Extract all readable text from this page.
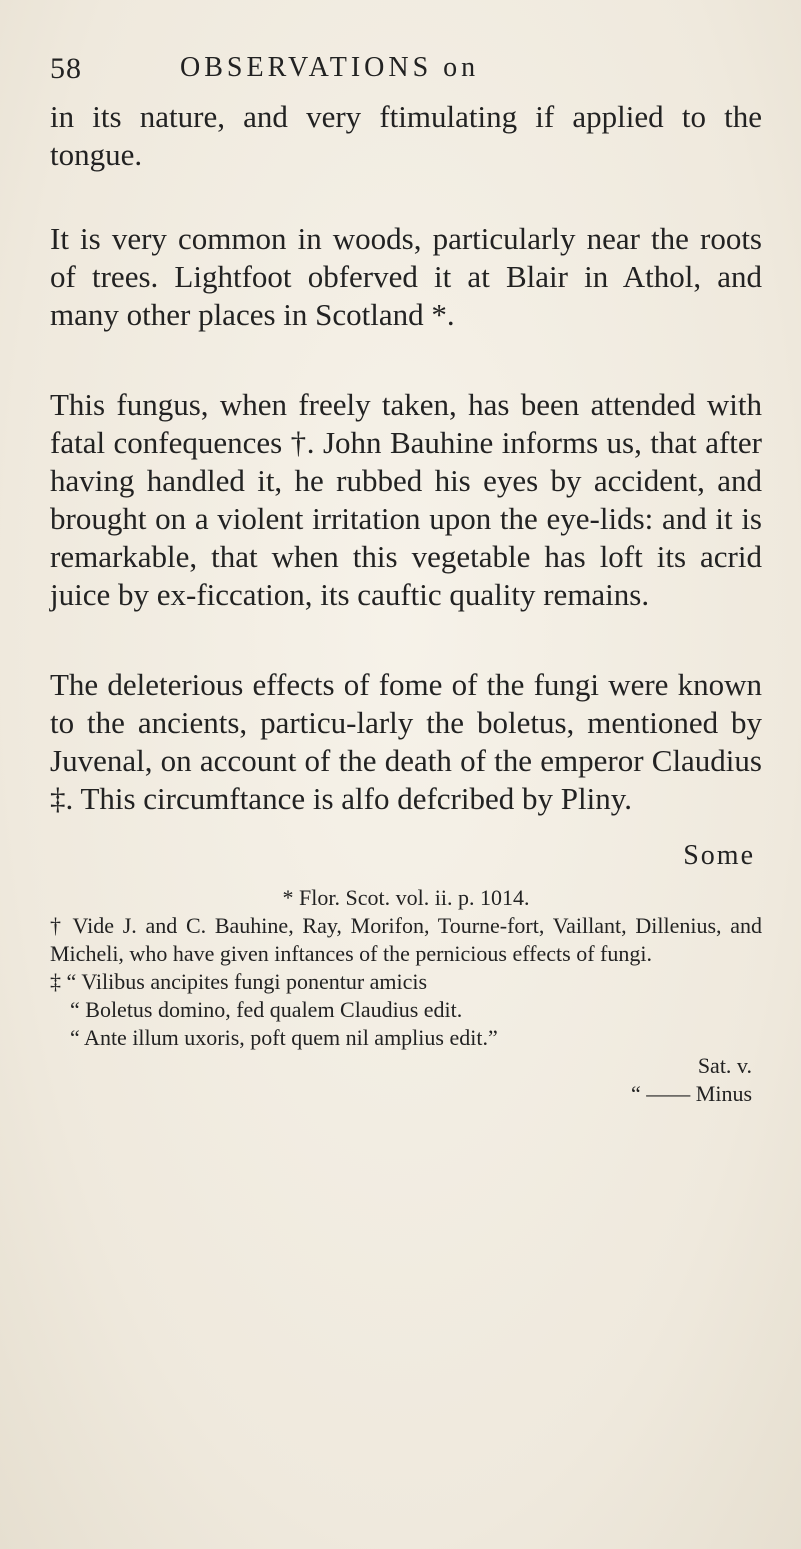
58	OBSERVATIONS on

in its nature, and very ftimulating if applied to the tongue.

It is very common in woods, particularly near the roots of trees. Lightfoot obferved it at Blair in Athol, and many other places in Scotland *.

This fungus, when freely taken, has been attended with fatal confequences †. John Bauhine informs us, that after having handled it, he rubbed his eyes by accident, and brought on a violent irritation upon the eye-lids: and it is remarkable, that when this vegetable has loft its acrid juice by ex-ficcation, its cauftic quality remains.

The deleterious effects of fome of the fungi were known to the ancients, particu-larly the boletus, mentioned by Juvenal, on account of the death of the emperor Claudius ‡. This circumftance is alfo defcribed by Pliny.

Some

* Flor. Scot. vol. ii. p. 1014.

† Vide J. and C. Bauhine, Ray, Morifon, Tourne-fort, Vaillant, Dillenius, and Micheli, who have given inftances of the pernicious effects of fungi.

‡ “ Vilibus ancipites fungi ponentur amicis

“ Boletus domino, fed qualem Claudius edit.

“ Ante illum uxoris, poft quem nil amplius edit.”

Sat. v.

“ —— Minus
